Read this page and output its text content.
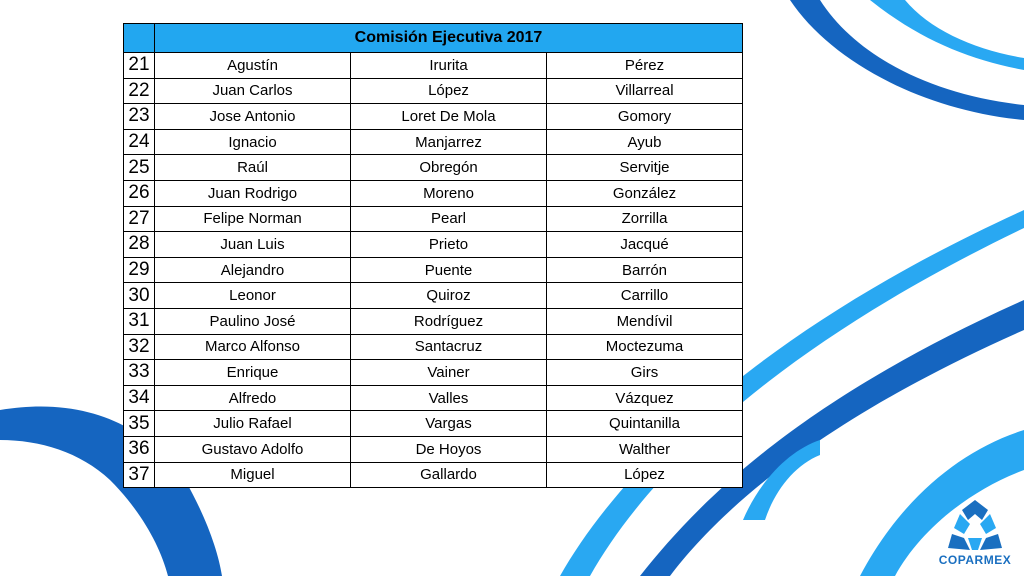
	Comisión Ejecutiva 2017		
21	Agustín	Irurita	Pérez
22	Juan Carlos	López	Villarreal
23	Jose Antonio	Loret De Mola	Gomory
24	Ignacio	Manjarrez	Ayub
25	Raúl	Obregón	Servitje
26	Juan Rodrigo	Moreno	González
27	Felipe Norman	Pearl	Zorrilla
28	Juan Luis	Prieto	Jacqué
29	Alejandro	Puente	Barrón
30	Leonor	Quiroz	Carrillo
31	Paulino José	Rodríguez	Mendívil
32	Marco Alfonso	Santacruz	Moctezuma
33	Enrique	Vainer	Girs
34	Alfredo	Valles	Vázquez
35	Julio Rafael	Vargas	Quintanilla
36	Gustavo Adolfo	De Hoyos	Walther
37	Miguel	Gallardo	López
COPARMEX
